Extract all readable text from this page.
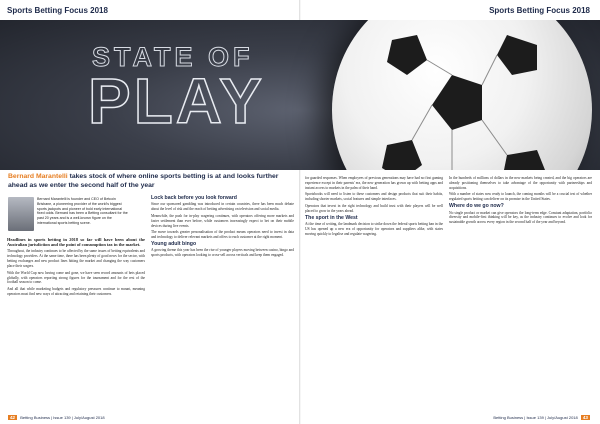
Sports Betting Focus 2018
Bernard Marantelli takes stock of where online sports betting is at and looks further ahead as we enter the second half of the year
Bernard Marantelli is founder and CEO of Betcoin Brisbane, a pioneering provider of the world's biggest sports jackpots and pioneer of bold early international fixed odds. Bernard has been a Betting consultant for the past 20 years and is a well-known figure on the international sports betting scene.

Headlines in sports betting in 2018 so far will have been about the Australian jurisdiction and the point of consumption tax in the market.

Throughout, the industry continues to be affected by the same issues of betting equivalents and technology providers. At the same time, there has been plenty of good news for the sector, with betting exchanges and new product lines hitting the market and changing the way customers place their wagers.

With the World Cup now having come and gone, we have seen record amounts of bets placed globally, with operators reporting strong figures for the tournament and for the rest of the football season to come.

And all that while marketing budgets and regulatory pressures continue to mount, meaning operators must find new ways of attracting and retaining their customers.

Lock back before you look forward

Since our sponsored gambling was introduced in certain countries, there has been much debate about the level of risk and the reach of betting advertising on television and social media.

Meanwhile, the push for in-play wagering continues, with operators offering more markets and faster settlement than ever before, while customers increasingly expect to bet on their mobile devices during live events.

The move towards greater personalisation of the product means operators need to invest in data and technology to deliver relevant markets and offers to each customer at the right moment.

Young adult bingo

A growing theme this year has been the rise of younger players moving between casino, bingo and sports products, with operators looking to cross-sell across verticals and keep them engaged.

42 Betting Business | Issue 139 | July/August 2018
Sports Betting Focus 2018

for guarded responses. When employees of previous generations may have had no first gaming experience except in their parents' era, the new generation has grown up with betting apps and instant access to markets in the palm of their hand.

Sportsbooks will need to listen to these customers and design products that suit their habits, including shorter markets, social features and simple interfaces.

Operators that invest in the right technology and build trust with their players will be well placed to grow in the years ahead.

The sport in the West

At the time of writing, the landmark decision to strike down the federal sports betting ban in the US has opened up a new era of opportunity for operators and suppliers alike, with states moving quickly to legalise and regulate wagering.

In the hundreds of millions of dollars in the new markets being created, and the big operators are already positioning themselves to take advantage of the opportunity with partnerships and acquisitions.

With a number of states now ready to launch, the coming months will be a crucial test of whether regulated sports betting can deliver on its promise in the United States.

Where do we go now?

No single product or market can give operators the long-term edge. Constant adaptation, portfolio diversity and mobile-first thinking will be key, as the industry continues to evolve and look for sustainable growth across every region in the second half of the year and beyond.

Betting Business | Issue 139 | July/August 2018 43
STATE OF
PLAY
